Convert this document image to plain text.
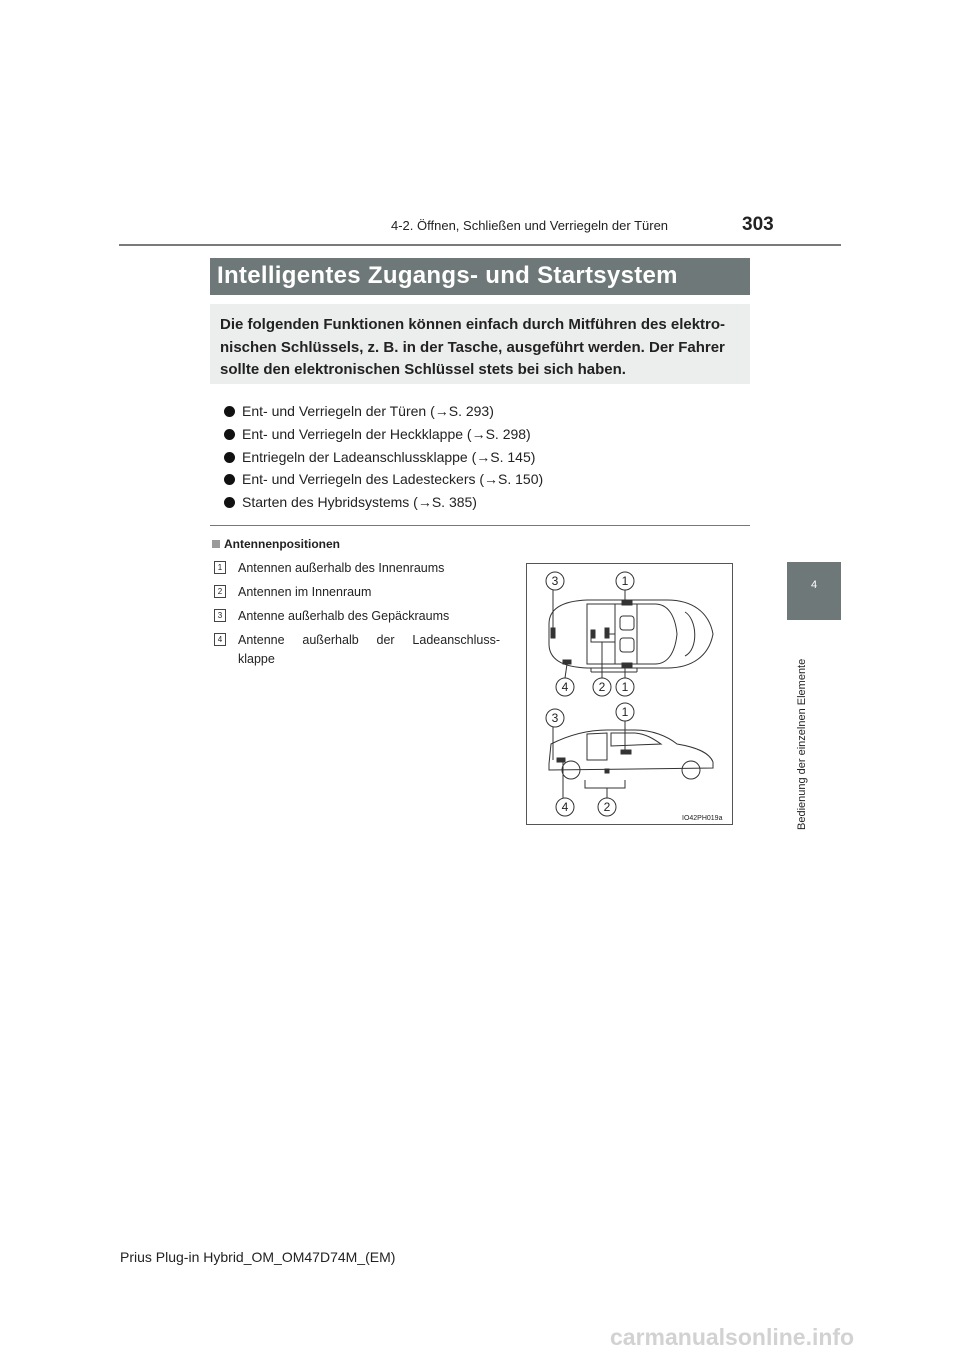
4-2. Öffnen, Schließen und Verriegeln der Türen	303
Intelligentes Zugangs- und Startsystem
Die folgenden Funktionen können einfach durch Mitführen des elektro-
nischen Schlüssels, z. B. in der Tasche, ausgeführt werden. Der Fahrer
sollte den elektronischen Schlüssel stets bei sich haben.
Ent- und Verriegeln der Türen (→S. 293)
Ent- und Verriegeln der Heckklappe (→S. 298)
Entriegeln der Ladeanschlussklappe (→S. 145)
Ent- und Verriegeln des Ladesteckers (→S. 150)
Starten des Hybridsystems (→S. 385)
Antennenpositionen
1	Antennen außerhalb des Innenraums
2	Antennen im Innenraum
3	Antenne außerhalb des Gepäckraums
4	Antenne außerhalb der Ladeanschluss-
klappe
3	1
4	2 1
3	1
4	2
IO42PH019a
4
Bedienung der einzelnen Elemente
Prius Plug-in Hybrid_OM_OM47D74M_(EM)
carmanualsonline.info
